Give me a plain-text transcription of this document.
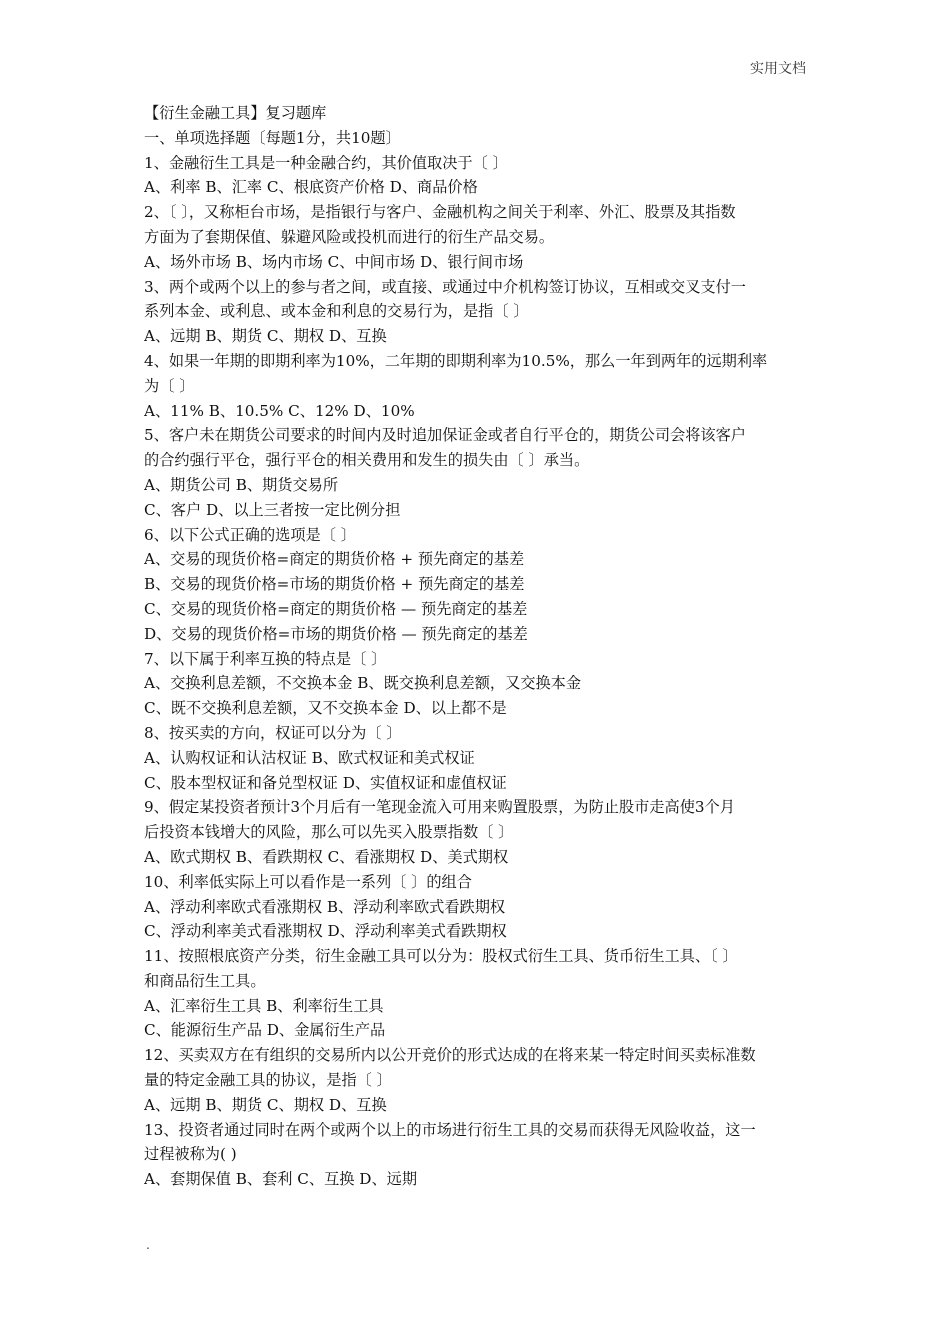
实用文档
【衍生金融工具】复习题库
一、单项选择题〔每题1分，共10题〕
1、金融衍生工具是一种金融合约，其价值取决于〔 〕
A、利率 B、汇率 C、根底资产价格 D、商品价格
2、〔 〕，又称柜台市场，是指银行与客户、金融机构之间关于利率、外汇、股票及其指数
方面为了套期保值、躲避风险或投机而进行的衍生产品交易。
A、场外市场 B、场内市场 C、中间市场 D、银行间市场
3、两个或两个以上的参与者之间，或直接、或通过中介机构签订协议，互相或交叉支付一
系列本金、或利息、或本金和利息的交易行为，是指〔 〕
A、远期 B、期货 C、期权 D、互换
4、如果一年期的即期利率为10%，二年期的即期利率为10.5%，那么一年到两年的远期利率
为〔 〕
A、11% B、10.5% C、12% D、10%
5、客户未在期货公司要求的时间内及时追加保证金或者自行平仓的，期货公司会将该客户
的合约强行平仓，强行平仓的相关费用和发生的损失由〔 〕承当。
A、期货公司 B、期货交易所
C、客户 D、以上三者按一定比例分担
6、以下公式正确的选项是〔 〕
A、交易的现货价格=商定的期货价格 + 预先商定的基差
B、交易的现货价格=市场的期货价格 + 预先商定的基差
C、交易的现货价格=商定的期货价格 — 预先商定的基差
D、交易的现货价格=市场的期货价格 — 预先商定的基差
7、以下属于利率互换的特点是〔 〕
A、交换利息差额，不交换本金 B、既交换利息差额，又交换本金
C、既不交换利息差额，又不交换本金 D、以上都不是
8、按买卖的方向，权证可以分为〔 〕
A、认购权证和认沽权证 B、欧式权证和美式权证
C、股本型权证和备兑型权证 D、实值权证和虚值权证
9、假定某投资者预计3个月后有一笔现金流入可用来购置股票，为防止股市走高使3个月
后投资本钱增大的风险，那么可以先买入股票指数〔 〕
A、欧式期权 B、看跌期权 C、看涨期权 D、美式期权
10、利率低实际上可以看作是一系列〔 〕的组合
A、浮动利率欧式看涨期权 B、浮动利率欧式看跌期权
C、浮动利率美式看涨期权 D、浮动利率美式看跌期权
11、按照根底资产分类，衍生金融工具可以分为：股权式衍生工具、货币衍生工具、〔 〕
和商品衍生工具。
A、汇率衍生工具 B、利率衍生工具
C、能源衍生产品 D、金属衍生产品
12、买卖双方在有组织的交易所内以公开竞价的形式达成的在将来某一特定时间买卖标准数
量的特定金融工具的协议，是指〔 〕
A、远期 B、期货 C、期权 D、互换
13、投资者通过同时在两个或两个以上的市场进行衍生工具的交易而获得无风险收益，这一
过程被称为( )
A、套期保值 B、套利 C、互换 D、远期
.
